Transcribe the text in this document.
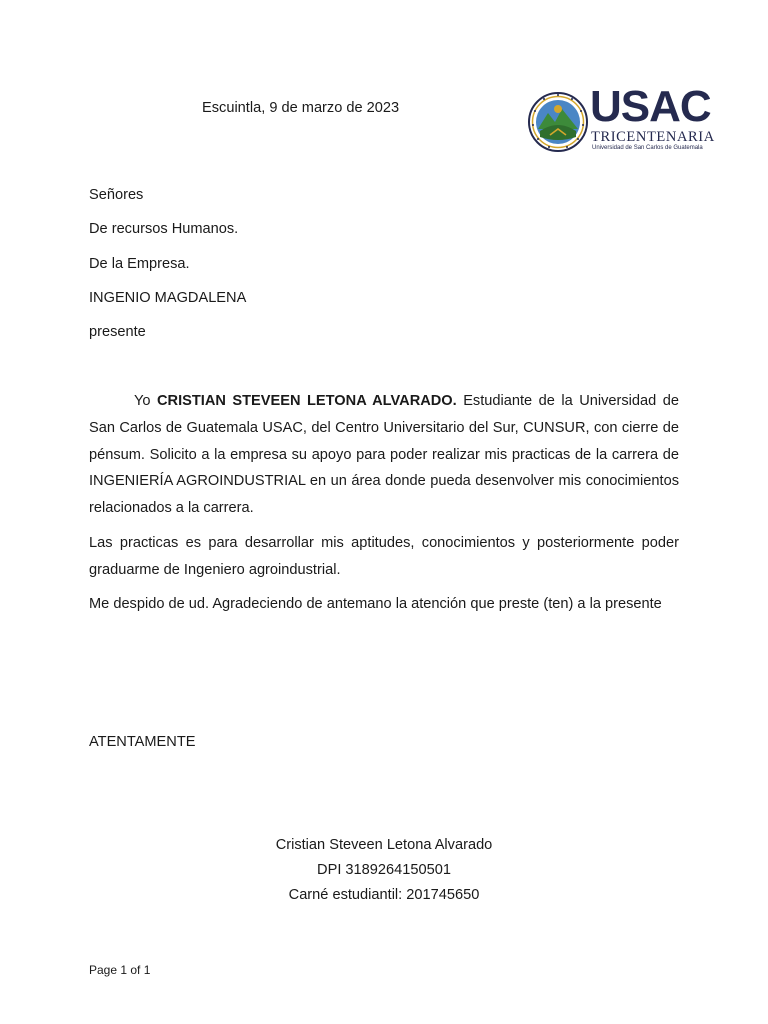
Escuintla, 9 de marzo de 2023	USAC
TRICENTENARIA
Universidad de San Carlos de Guatemala
Señores
De recursos Humanos.
De la Empresa.
INGENIO MAGDALENA
presente

Yo CRISTIAN STEVEEN LETONA ALVARADO. Estudiante de la Universidad de San Carlos de Guatemala USAC, del Centro Universitario del Sur, CUNSUR, con cierre de pénsum. Solicito a la empresa su apoyo para poder realizar mis practicas de la carrera de INGENIERÍA AGROINDUSTRIAL en un área donde pueda desenvolver mis conocimientos relacionados a la carrera.

Las practicas es para desarrollar mis aptitudes, conocimientos y posteriormente poder graduarme de Ingeniero agroindustrial.

Me despido de ud. Agradeciendo de antemano la atención que preste (ten) a la presente

ATENTAMENTE
Cristian Steveen Letona Alvarado
DPI 3189264150501
Carné estudiantil: 201745650
Page 1 of 1
